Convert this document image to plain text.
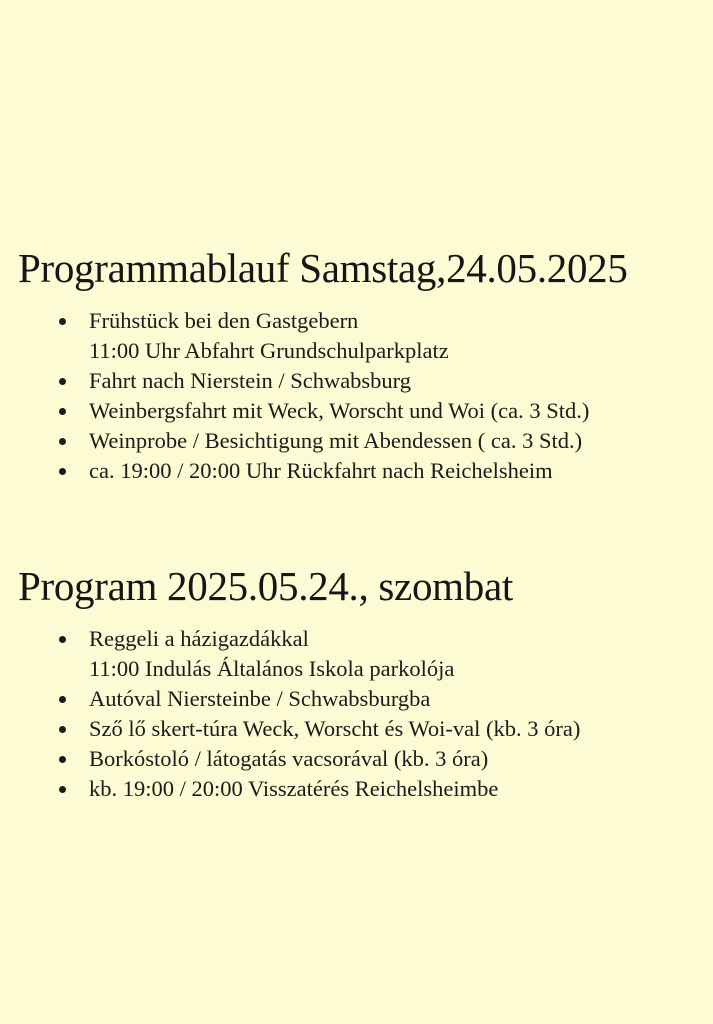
Programmablauf Samstag,24.05.2025
Frühstück bei den Gastgebern
11:00 Uhr Abfahrt Grundschulparkplatz
Fahrt nach Nierstein / Schwabsburg
Weinbergsfahrt mit Weck, Worscht und Woi (ca. 3 Std.)
Weinprobe / Besichtigung mit Abendessen ( ca. 3 Std.)
ca. 19:00 / 20:00 Uhr Rückfahrt nach Reichelsheim
Program 2025.05.24., szombat
Reggeli a házigazdákkal
11:00 Indulás Általános Iskola parkolója
Autóval Niersteinbe / Schwabsburgba
Sző lő skert-túra Weck, Worscht és Woi-val (kb. 3 óra)
Borkóstoló / látogatás vacsorával (kb. 3 óra)
kb. 19:00 / 20:00 Visszatérés Reichelsheimbe
